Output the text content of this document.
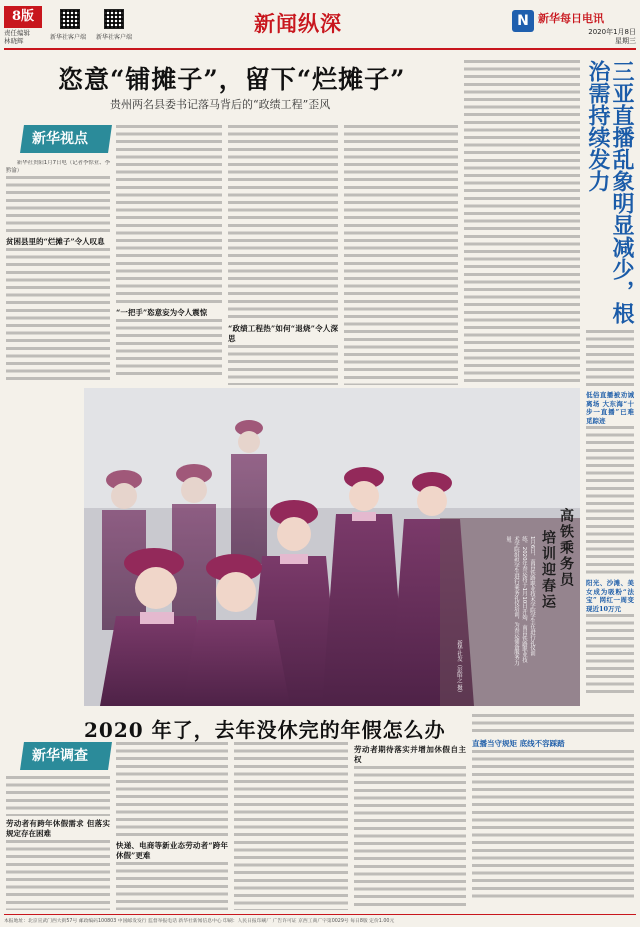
8版
责任编辑
林晓辉	新华社客户端 新华社客户端
新闻纵深	N 新华每日电讯
2020年1月8日
星期三
恣意“铺摊子”，留下“烂摊子”
贵州两名县委书记落马背后的“政绩工程”歪风
新华视点

新华社贵阳1月7日电（记者李惊亚、李黔渝）

贫困县里的“烂摊子”令人叹息

“一把手”恣意妄为令人震惊

“政绩工程热”如何“退烧”令人深思

高铁乘务员
培训迎春运
1月6日，南昌铁路职业技术学院学生在进行礼仪训练。2020年春运将于1月10日开始，南昌铁路职业技术学院组织学生进行乘务礼仪培训，为春运储备服务力量。
新华社发（彭昭之 摄）
2020 年了，去年没休完的年假怎么办
新华调查

劳动者有跨年休假需求 但落实规定存在困难

快递、电商等新业态劳动者“跨年休假”更难

劳动者期待落实并增加休假自主权

直播当守规矩 底线不容踩踏

三亚直播乱象明显减少，根治需持续发力

低俗直播被劝诫离场 大东海“十步一直播”已难觅踪迹

阳光、沙滩、美女成为吸粉“法宝” 网红一周变现近10万元

本报地址：北京宣武门西大街57号 邮政编码100803 中国邮发发行 监督举报电话 新华社新闻信息中心 印刷：人民日报印刷厂 广告许可证 京西工商广字第0029号 每日8版 定价1.00元
